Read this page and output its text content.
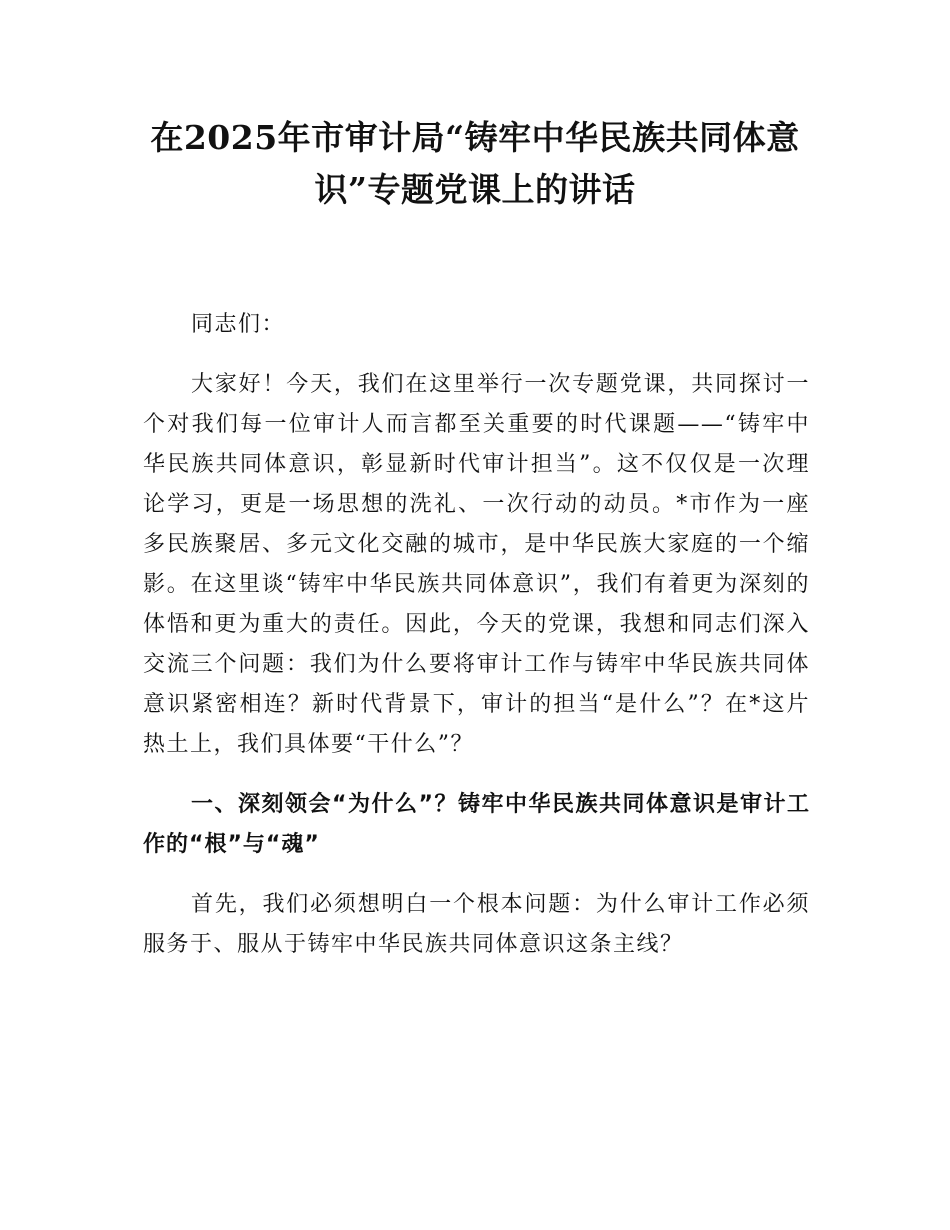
在2025年市审计局“铸牢中华民族共同体意识”专题党课上的讲话

同志们：

大家好！今天，我们在这里举行一次专题党课，共同探讨一个对我们每一位审计人而言都至关重要的时代课题——“铸牢中华民族共同体意识，彰显新时代审计担当”。这不仅仅是一次理论学习，更是一场思想的洗礼、一次行动的动员。*市作为一座多民族聚居、多元文化交融的城市，是中华民族大家庭的一个缩影。在这里谈“铸牢中华民族共同体意识”，我们有着更为深刻的体悟和更为重大的责任。因此，今天的党课，我想和同志们深入交流三个问题：我们为什么要将审计工作与铸牢中华民族共同体意识紧密相连？新时代背景下，审计的担当“是什么”？在*这片热土上，我们具体要“干什么”？

一、深刻领会“为什么”？铸牢中华民族共同体意识是审计工作的“根”与“魂”

首先，我们必须想明白一个根本问题：为什么审计工作必须服务于、服从于铸牢中华民族共同体意识这条主线？
